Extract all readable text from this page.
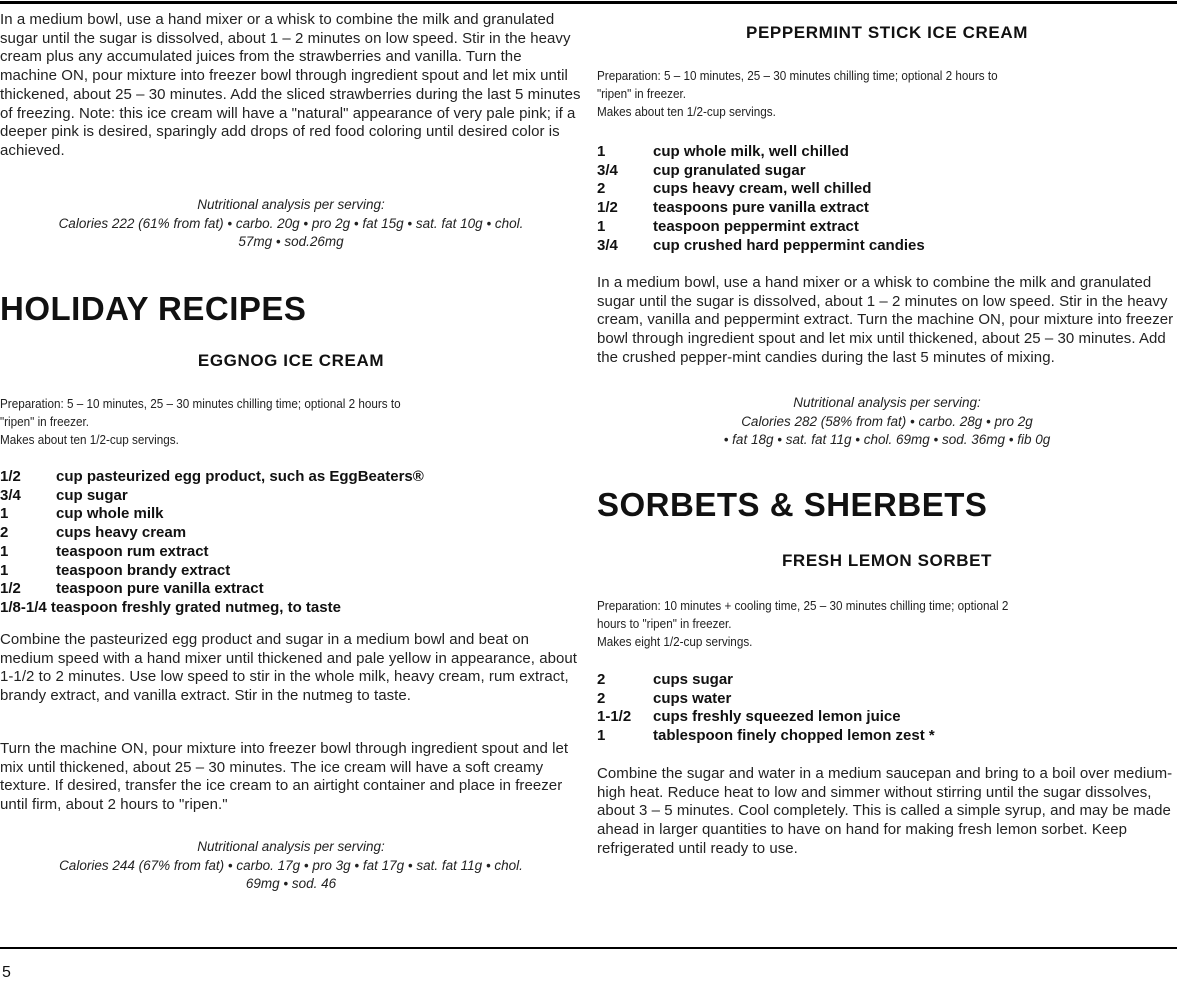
In a medium bowl, use a hand mixer or a whisk to combine the milk and granulated sugar until the sugar is dissolved, about 1 – 2 minutes on low speed. Stir in the heavy cream plus any accumulated juices from the strawberries and vanilla. Turn the machine ON, pour mixture into freezer bowl through ingredient spout and let mix until thickened, about 25 – 30 minutes. Add the sliced strawberries during the last 5 minutes of freezing. Note: this ice cream will have a "natural" appearance of very pale pink; if a deeper pink is desired, sparingly add drops of red food coloring until desired color is achieved.
Nutritional analysis per serving:
Calories 222 (61% from fat) • carbo. 20g • pro 2g • fat 15g • sat. fat 10g • chol.
57mg • sod.26mg
HOLIDAY RECIPES
EGGNOG ICE CREAM
Preparation: 5 – 10 minutes, 25 – 30 minutes chilling time; optional 2 hours to
"ripen" in freezer.
Makes about ten 1/2-cup servings.
1/2 cup pasteurized egg product, such as EggBeaters®
3/4 cup sugar
1	cup whole milk
2	cups heavy cream
1	teaspoon rum extract
1	teaspoon brandy extract
1/2 teaspoon pure vanilla extract
1/8-1/4 teaspoon freshly grated nutmeg, to taste
Combine the pasteurized egg product and sugar in a medium bowl and beat on medium speed with a hand mixer until thickened and pale yellow in appearance, about 1-1/2 to 2 minutes. Use low speed to stir in the whole milk, heavy cream, rum extract, brandy extract, and vanilla extract. Stir in the nutmeg to taste.
Turn the machine ON, pour mixture into freezer bowl through ingredient spout and let mix until thickened, about 25 – 30 minutes. The ice cream will have a soft creamy texture. If desired, transfer the ice cream to an airtight container and place in freezer until firm, about 2 hours to "ripen."
Nutritional analysis per serving:
Calories 244 (67% from fat) • carbo. 17g • pro 3g • fat 17g • sat. fat 11g • chol.
69mg • sod. 46
PEPPERMINT STICK ICE CREAM
Preparation: 5 – 10 minutes, 25 – 30 minutes chilling time; optional 2 hours to
"ripen" in freezer.
Makes about ten 1/2-cup servings.
1	cup whole milk, well chilled
3/4 cup granulated sugar
2	cups heavy cream, well chilled
1/2 teaspoons pure vanilla extract
1	teaspoon peppermint extract
3/4 cup crushed hard peppermint candies
In a medium bowl, use a hand mixer or a whisk to combine the milk and granulated sugar until the sugar is dissolved, about 1 – 2 minutes on low speed. Stir in the heavy cream, vanilla and peppermint extract. Turn the machine ON, pour mixture into freezer bowl through ingredient spout and let mix until thickened, about 25 – 30 minutes. Add the crushed pepper-mint candies during the last 5 minutes of mixing.
Nutritional analysis per serving:
Calories 282 (58% from fat) • carbo. 28g • pro 2g
• fat 18g • sat. fat 11g • chol. 69mg • sod. 36mg • fib 0g
SORBETS & SHERBETS
FRESH LEMON SORBET
Preparation: 10 minutes + cooling time, 25 – 30 minutes chilling time; optional 2
hours to "ripen" in freezer.
Makes eight 1/2-cup servings.
2	cups sugar
2	cups water
1-1/2 cups freshly squeezed lemon juice
1	tablespoon finely chopped lemon zest *
Combine the sugar and water in a medium saucepan and bring to a boil over medium-high heat. Reduce heat to low and simmer without stirring until the sugar dissolves, about 3 – 5 minutes. Cool completely. This is called a simple syrup, and may be made ahead in larger quantities to have on hand for making fresh lemon sorbet. Keep refrigerated until ready to use.
5
